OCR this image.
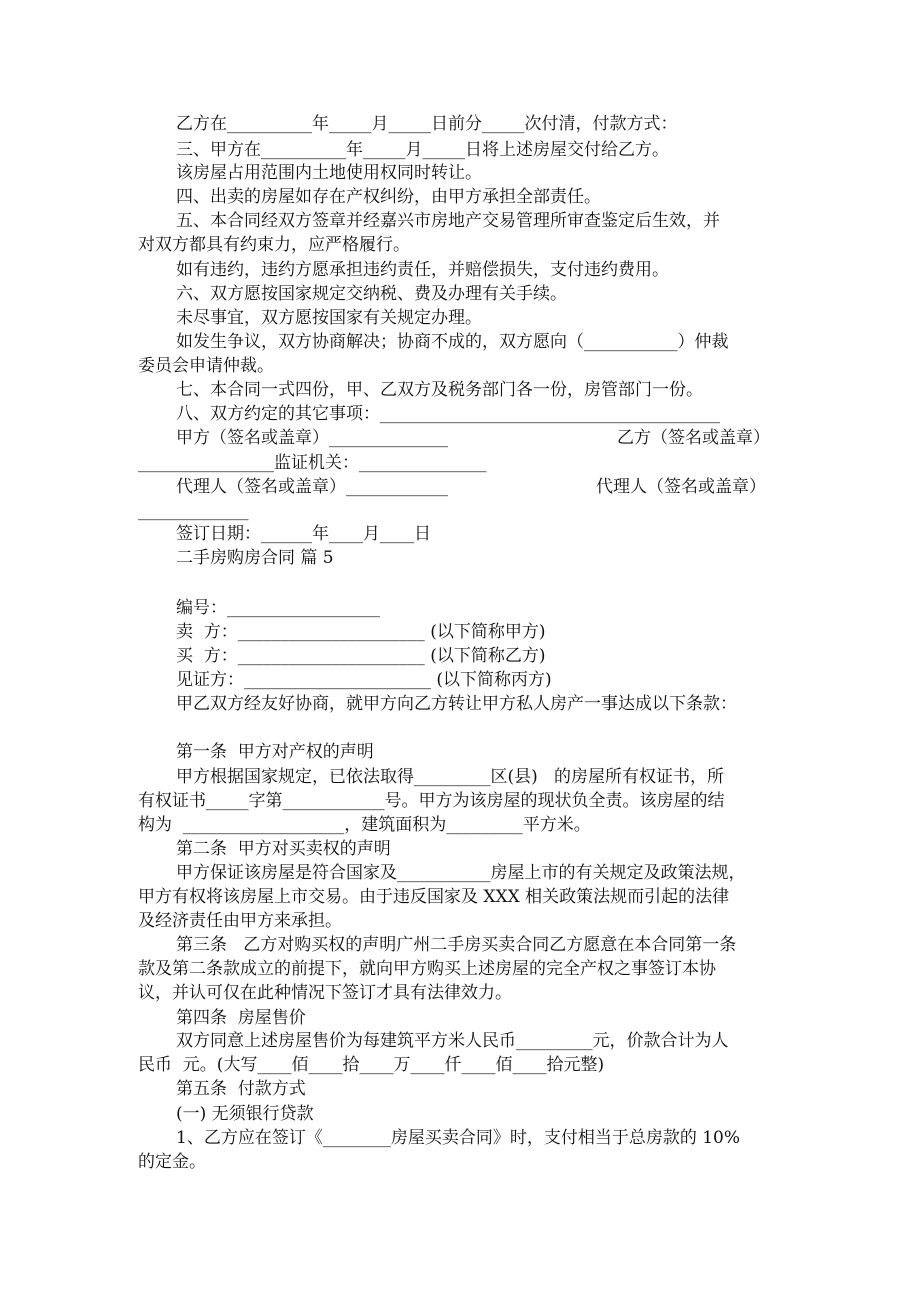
乙方在__________年_____月_____日前分_____次付清，付款方式：

三、甲方在__________年_____月_____日将上述房屋交付给乙方。

该房屋占用范围内土地使用权同时转让。

四、出卖的房屋如存在产权纠纷，由甲方承担全部责任。

五、本合同经双方签章并经嘉兴市房地产交易管理所审查鉴定后生效，并

对双方都具有约束力，应严格履行。

如有违约，违约方愿承担违约责任，并赔偿损失，支付违约费用。

六、双方愿按国家规定交纳税、费及办理有关手续。

未尽事宜，双方愿按国家有关规定办理。

如发生争议，双方协商解决；协商不成的，双方愿向（___________）仲裁

委员会申请仲裁。

七、本合同一式四份，甲、乙双方及税务部门各一份，房管部门一份。

八、双方约定的其它事项：________________________________________

甲方（签名或盖章）______________	乙方（签名或盖章）

________________监证机关：_______________

代理人（签名或盖章）____________	代理人（签名或盖章）

_____________

签订日期：______年____月____日

二手房购房合同 篇 5

编号：__________________

卖  方：______________________ (以下简称甲方)

买  方：______________________ (以下简称乙方)

见证方：______________________ (以下简称丙方)

甲乙双方经友好协商，就甲方向乙方转让甲方私人房产一事达成以下条款：

第一条  甲方对产权的声明

甲方根据国家规定，已依法取得_________区(县)   的房屋所有权证书，所

有权证书_____字第____________号。甲方为该房屋的现状负全责。该房屋的结

构为  ___________________，建筑面积为_________平方米。

第二条  甲方对买卖权的声明

甲方保证该房屋是符合国家及___________房屋上市的有关规定及政策法规，

甲方有权将该房屋上市交易。由于违反国家及 XXX 相关政策法规而引起的法律

及经济责任由甲方来承担。

第三条   乙方对购买权的声明广州二手房买卖合同乙方愿意在本合同第一条

款及第二条款成立的前提下，就向甲方购买上述房屋的完全产权之事签订本协

议，并认可仅在此种情况下签订才具有法律效力。

第四条  房屋售价

双方同意上述房屋售价为每建筑平方米人民币_________元，价款合计为人

民币  元。(大写____佰____拾____万____仟____佰____拾元整)

第五条  付款方式

(一) 无须银行贷款

1、乙方应在签订《________房屋买卖合同》时，支付相当于总房款的 10%

的定金。
